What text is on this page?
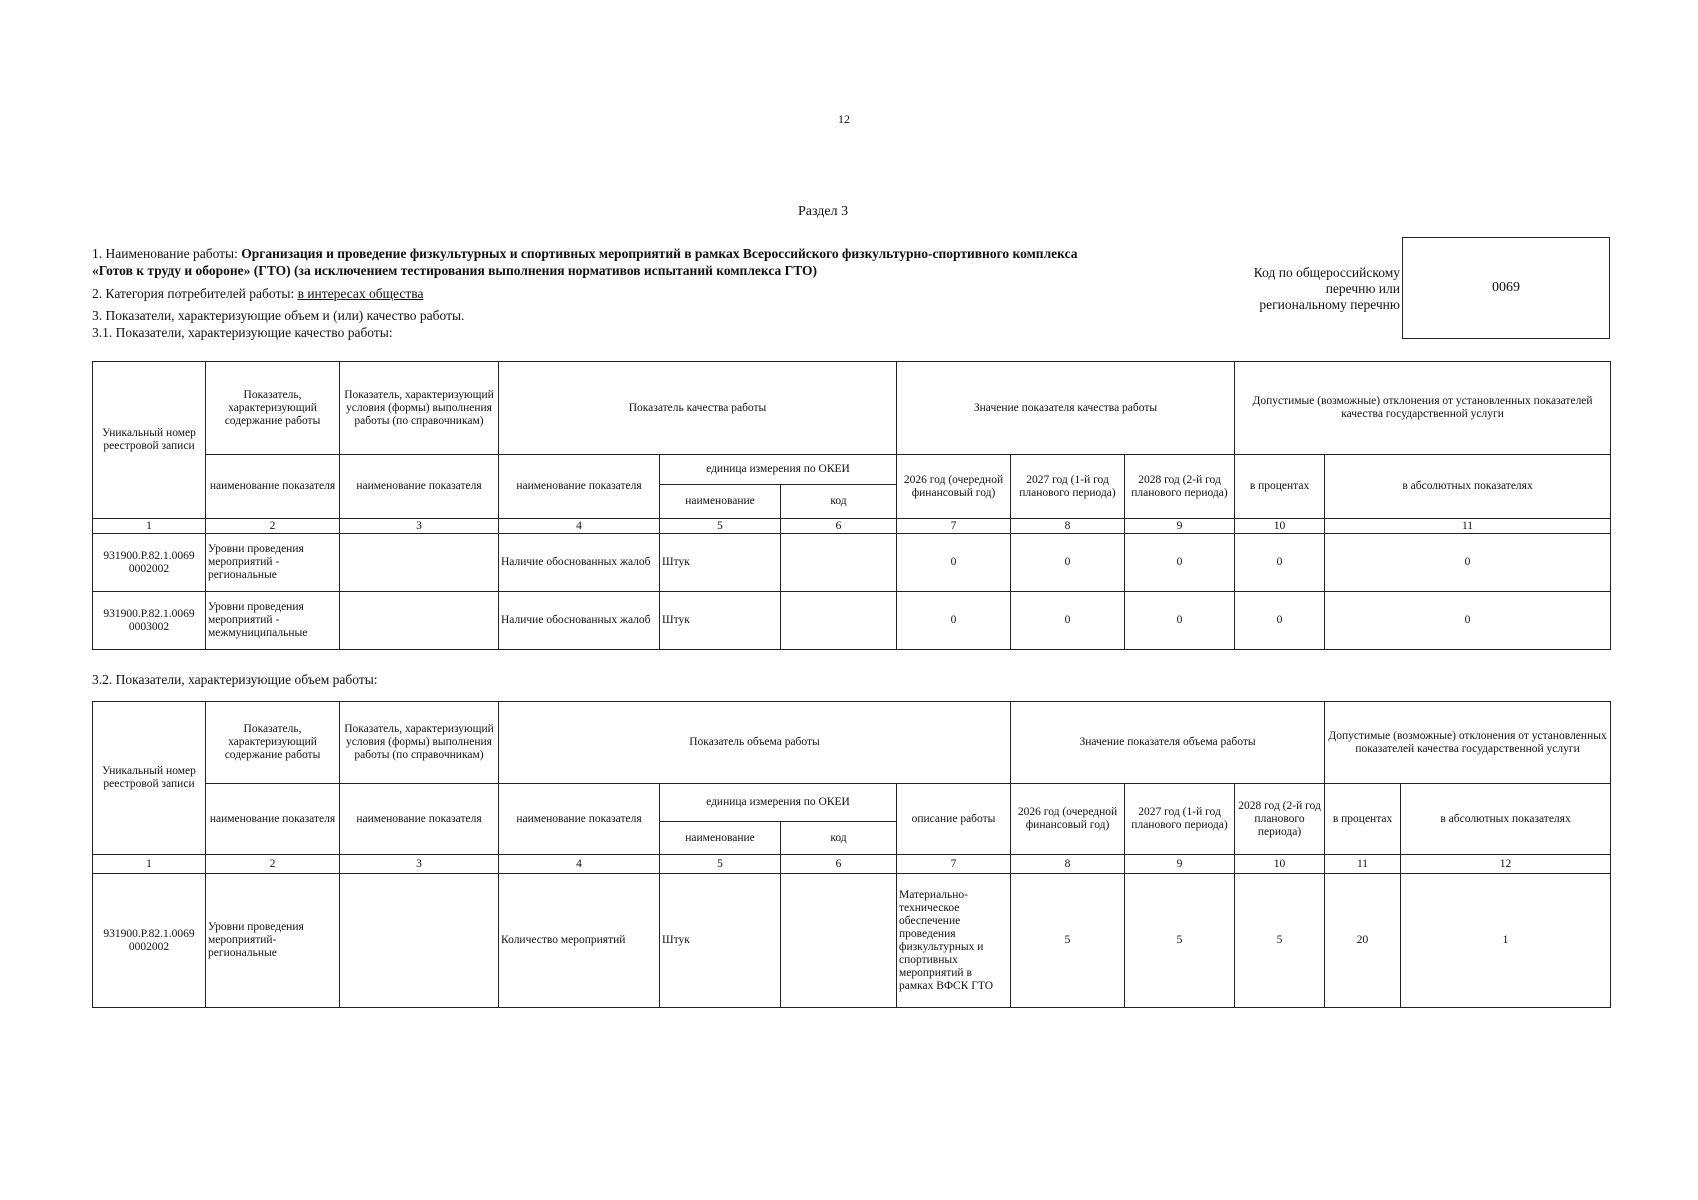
12
Раздел 3
1. Наименование работы: Организация и проведение физкультурных и спортивных мероприятий в рамках Всероссийского физкультурно-спортивного комплекса
«Готов к труду и обороне» (ГТО) (за исключением тестирования выполнения нормативов испытаний комплекса ГТО)
2. Категория потребителей работы: в интересах общества
3. Показатели, характеризующие объем и (или) качество работы.
3.1. Показатели, характеризующие качество работы:
Код по общероссийскому
перечню или
региональному перечню
0069
Уникальный номер реестровой записи	Показатель, характеризующий содержание работы	Показатель, характеризующий условия (формы) выполнения работы (по справочникам)	Показатель качества работы			Значение показателя качества работы			Допустимые (возможные) отклонения от установленных показателей качества государственной услуги	
	наименование показателя	наименование показателя	наименование показателя	единица измерения по ОКЕИ		2026 год (очередной финансовый год)	2027 год (1-й год планового периода)	2028 год (2-й год планового периода)	в процентах	в абсолютных показателях
				наименование	код					
1	2	3	4	5	6	7	8	9	10	11
931900.Р.82.1.0069 0002002	Уровни проведения мероприятий - региональные		Наличие обоснованных жалоб	Штук		0	0	0	0	0
931900.Р.82.1.0069 0003002	Уровни проведения мероприятий - межмуниципальные		Наличие обоснованных жалоб	Штук		0	0	0	0	0
3.2. Показатели, характеризующие объем работы:
Уникальный номер реестровой записи	Показатель, характеризующий содержание работы	Показатель, характеризующий условия (формы) выполнения работы (по справочникам)	Показатель объема работы				Значение показателя объема работы			Допустимые (возможные) отклонения от установленных показателей качества государственной услуги	
	наименование показателя	наименование показателя	наименование показателя	единица измерения по ОКЕИ		описание работы	2026 год (очередной финансовый год)	2027 год (1-й год планового периода)	2028 год (2-й год планового периода)	в процентах	в абсолютных показателях
				наименование	код						
1	2	3	4	5	6	7	8	9	10	11	12
931900.Р.82.1.0069 0002002	Уровни проведения мероприятий- региональные		Количество мероприятий	Штук		Материально-техническое обеспечение проведения физкультурных и спортивных мероприятий в рамках ВФСК ГТО	5	5	5	20	1
